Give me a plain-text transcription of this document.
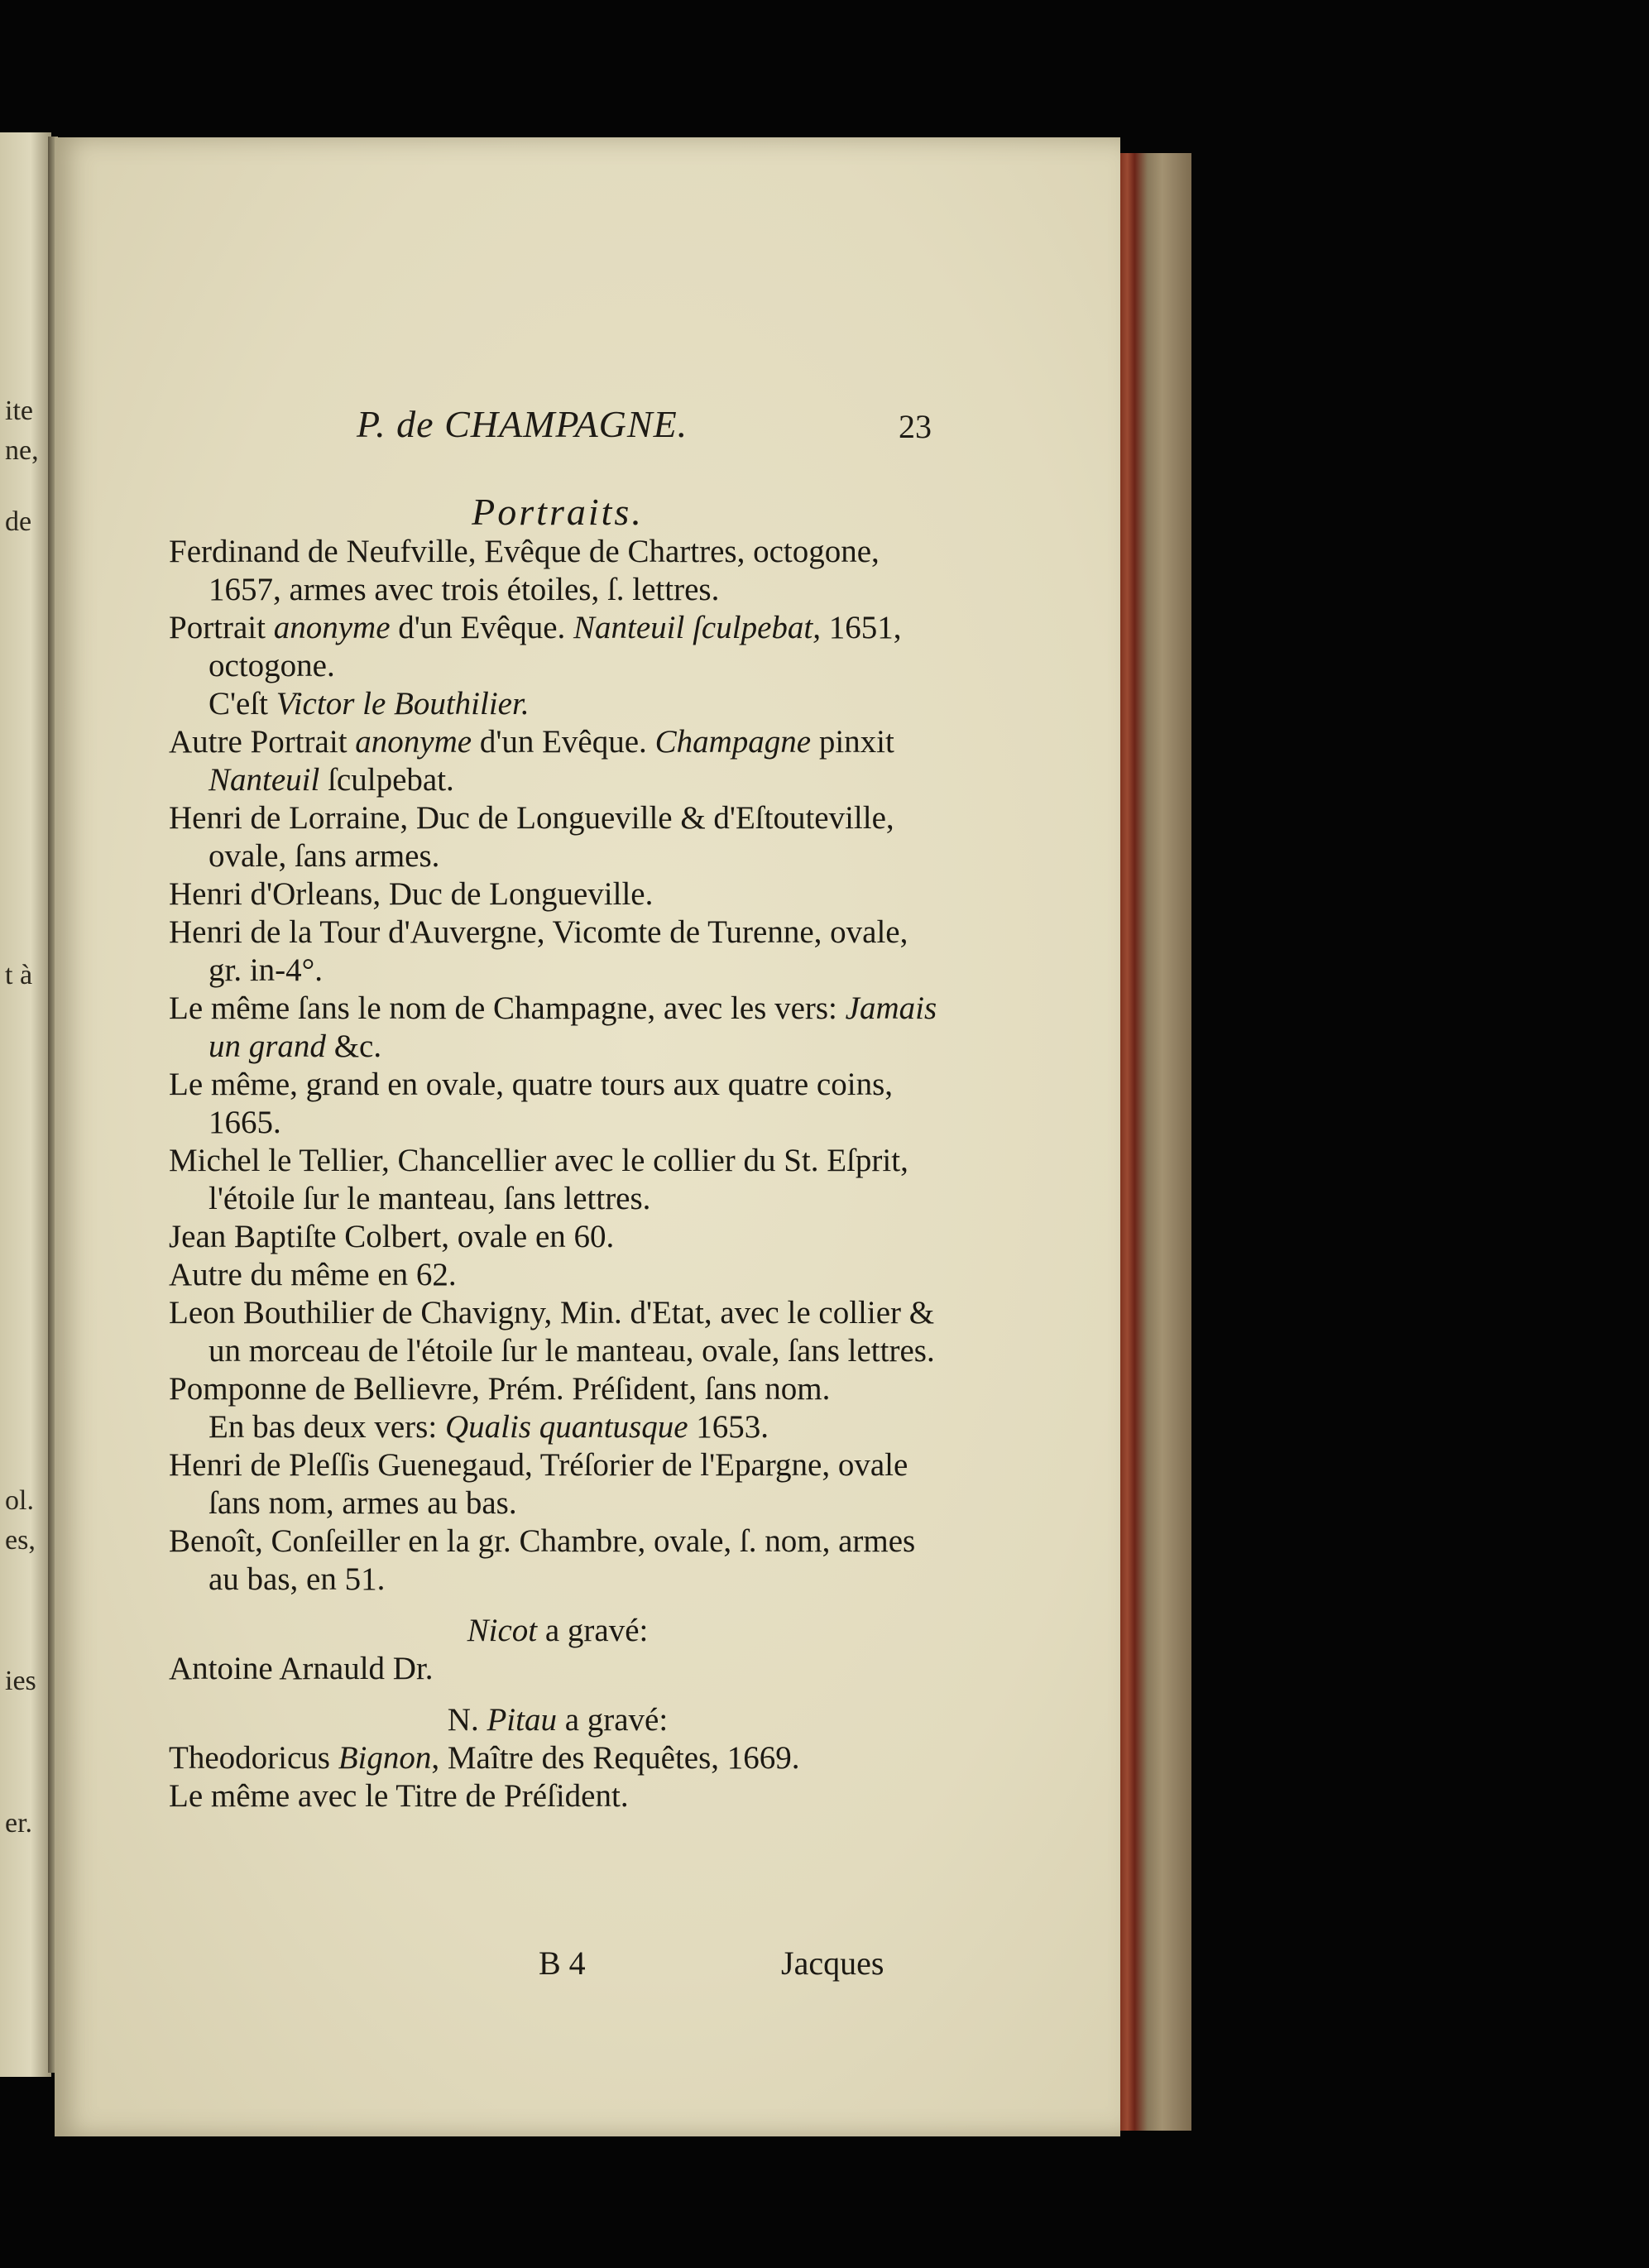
ite
ne,
de
t à
ol.
es,
ies
er.
P. de CHAMPAGNE.	23
Portraits.
Ferdinand de Neufville, Evêque de Chartres, octogone, 1657, armes avec trois étoiles, ſ. lettres.
Portrait anonyme d'un Evêque. Nanteuil ſculpebat, 1651, octogone.
C'eſt Victor le Bouthilier.
Autre Portrait anonyme d'un Evêque. Champagne pinxit Nanteuil ſculpebat.
Henri de Lorraine, Duc de Longueville & d'Eſtouteville, ovale, ſans armes.
Henri d'Orleans, Duc de Longueville.
Henri de la Tour d'Auvergne, Vicomte de Turenne, ovale, gr. in-4°.
Le même ſans le nom de Champagne, avec les vers: Jamais un grand &c.
Le même, grand en ovale, quatre tours aux quatre coins, 1665.
Michel le Tellier, Chancellier avec le collier du St. Eſprit, l'étoile ſur le manteau, ſans lettres.
Jean Baptiſte Colbert, ovale en 60.
Autre du même en 62.
Leon Bouthilier de Chavigny, Min. d'Etat, avec le collier & un morceau de l'étoile ſur le manteau, ovale, ſans lettres.
Pomponne de Bellievre, Prém. Préſident, ſans nom.
En bas deux vers: Qualis quantusque 1653.
Henri de Pleſſis Guenegaud, Tréſorier de l'Epargne, ovale ſans nom, armes au bas.
Benoît, Conſeiller en la gr. Chambre, ovale, ſ. nom, armes au bas, en 51.
Nicot a gravé:
Antoine Arnauld Dr.
N. Pitau a gravé:
Theodoricus Bignon, Maître des Requêtes, 1669.
Le même avec le Titre de Préſident.
B 4	Jacques
